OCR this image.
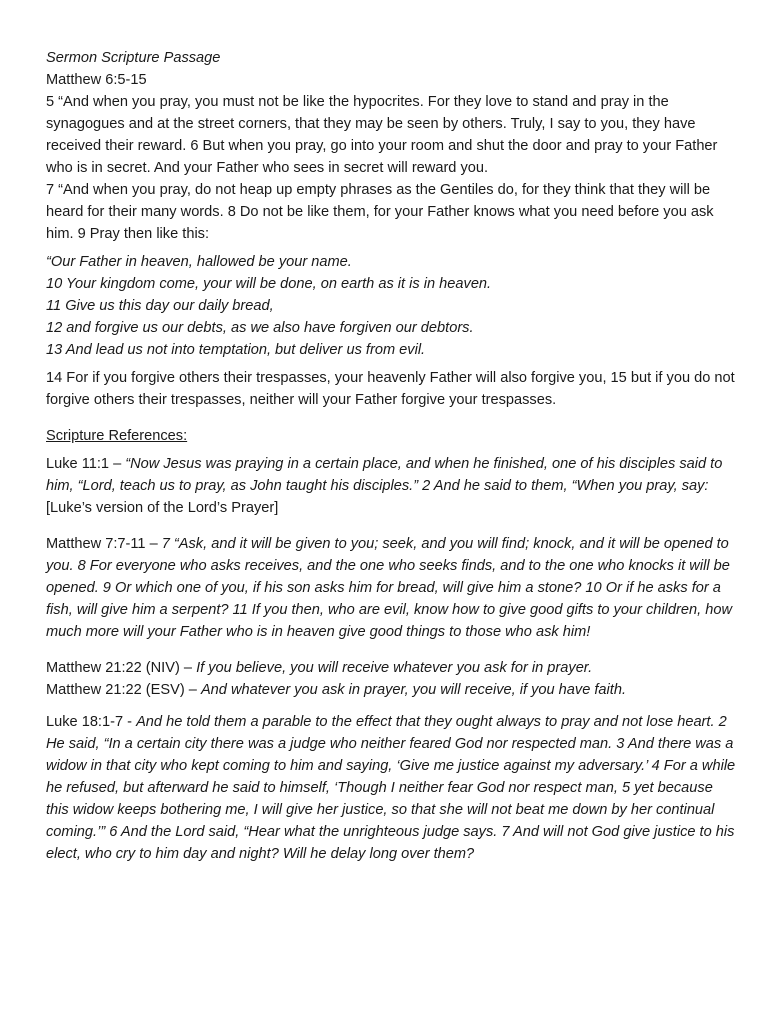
Sermon Scripture Passage

Matthew 6:5-15

5 “And when you pray, you must not be like the hypocrites. For they love to stand and pray in the synagogues and at the street corners, that they may be seen by others. Truly, I say to you, they have received their reward. 6 But when you pray, go into your room and shut the door and pray to your Father who is in secret. And your Father who sees in secret will reward you.

7 “And when you pray, do not heap up empty phrases as the Gentiles do, for they think that they will be heard for their many words. 8 Do not be like them, for your Father knows what you need before you ask him. 9 Pray then like this:

“Our Father in heaven, hallowed be your name.

10 Your kingdom come, your will be done, on earth as it is in heaven.

11 Give us this day our daily bread,

12 and forgive us our debts, as we also have forgiven our debtors.

13 And lead us not into temptation, but deliver us from evil.

14 For if you forgive others their trespasses, your heavenly Father will also forgive you, 15 but if you do not forgive others their trespasses, neither will your Father forgive your trespasses.

Scripture References:

Luke 11:1 – “Now Jesus was praying in a certain place, and when he finished, one of his disciples said to him, “Lord, teach us to pray, as John taught his disciples.” 2 And he said to them, “When you pray, say: [Luke’s version of the Lord’s Prayer]

Matthew 7:7-11 – 7 “Ask, and it will be given to you; seek, and you will find; knock, and it will be opened to you. 8 For everyone who asks receives, and the one who seeks finds, and to the one who knocks it will be opened. 9 Or which one of you, if his son asks him for bread, will give him a stone? 10 Or if he asks for a fish, will give him a serpent? 11 If you then, who are evil, know how to give good gifts to your children, how much more will your Father who is in heaven give good things to those who ask him!

Matthew 21:22 (NIV) – If you believe, you will receive whatever you ask for in prayer.

Matthew 21:22 (ESV) – And whatever you ask in prayer, you will receive, if you have faith.

Luke 18:1-7 - And he told them a parable to the effect that they ought always to pray and not lose heart. 2 He said, “In a certain city there was a judge who neither feared God nor respected man. 3 And there was a widow in that city who kept coming to him and saying, ‘Give me justice against my adversary.’ 4 For a while he refused, but afterward he said to himself, ‘Though I neither fear God nor respect man, 5 yet because this widow keeps bothering me, I will give her justice, so that she will not beat me down by her continual coming.’” 6 And the Lord said, “Hear what the unrighteous judge says. 7 And will not God give justice to his elect, who cry to him day and night? Will he delay long over them?
